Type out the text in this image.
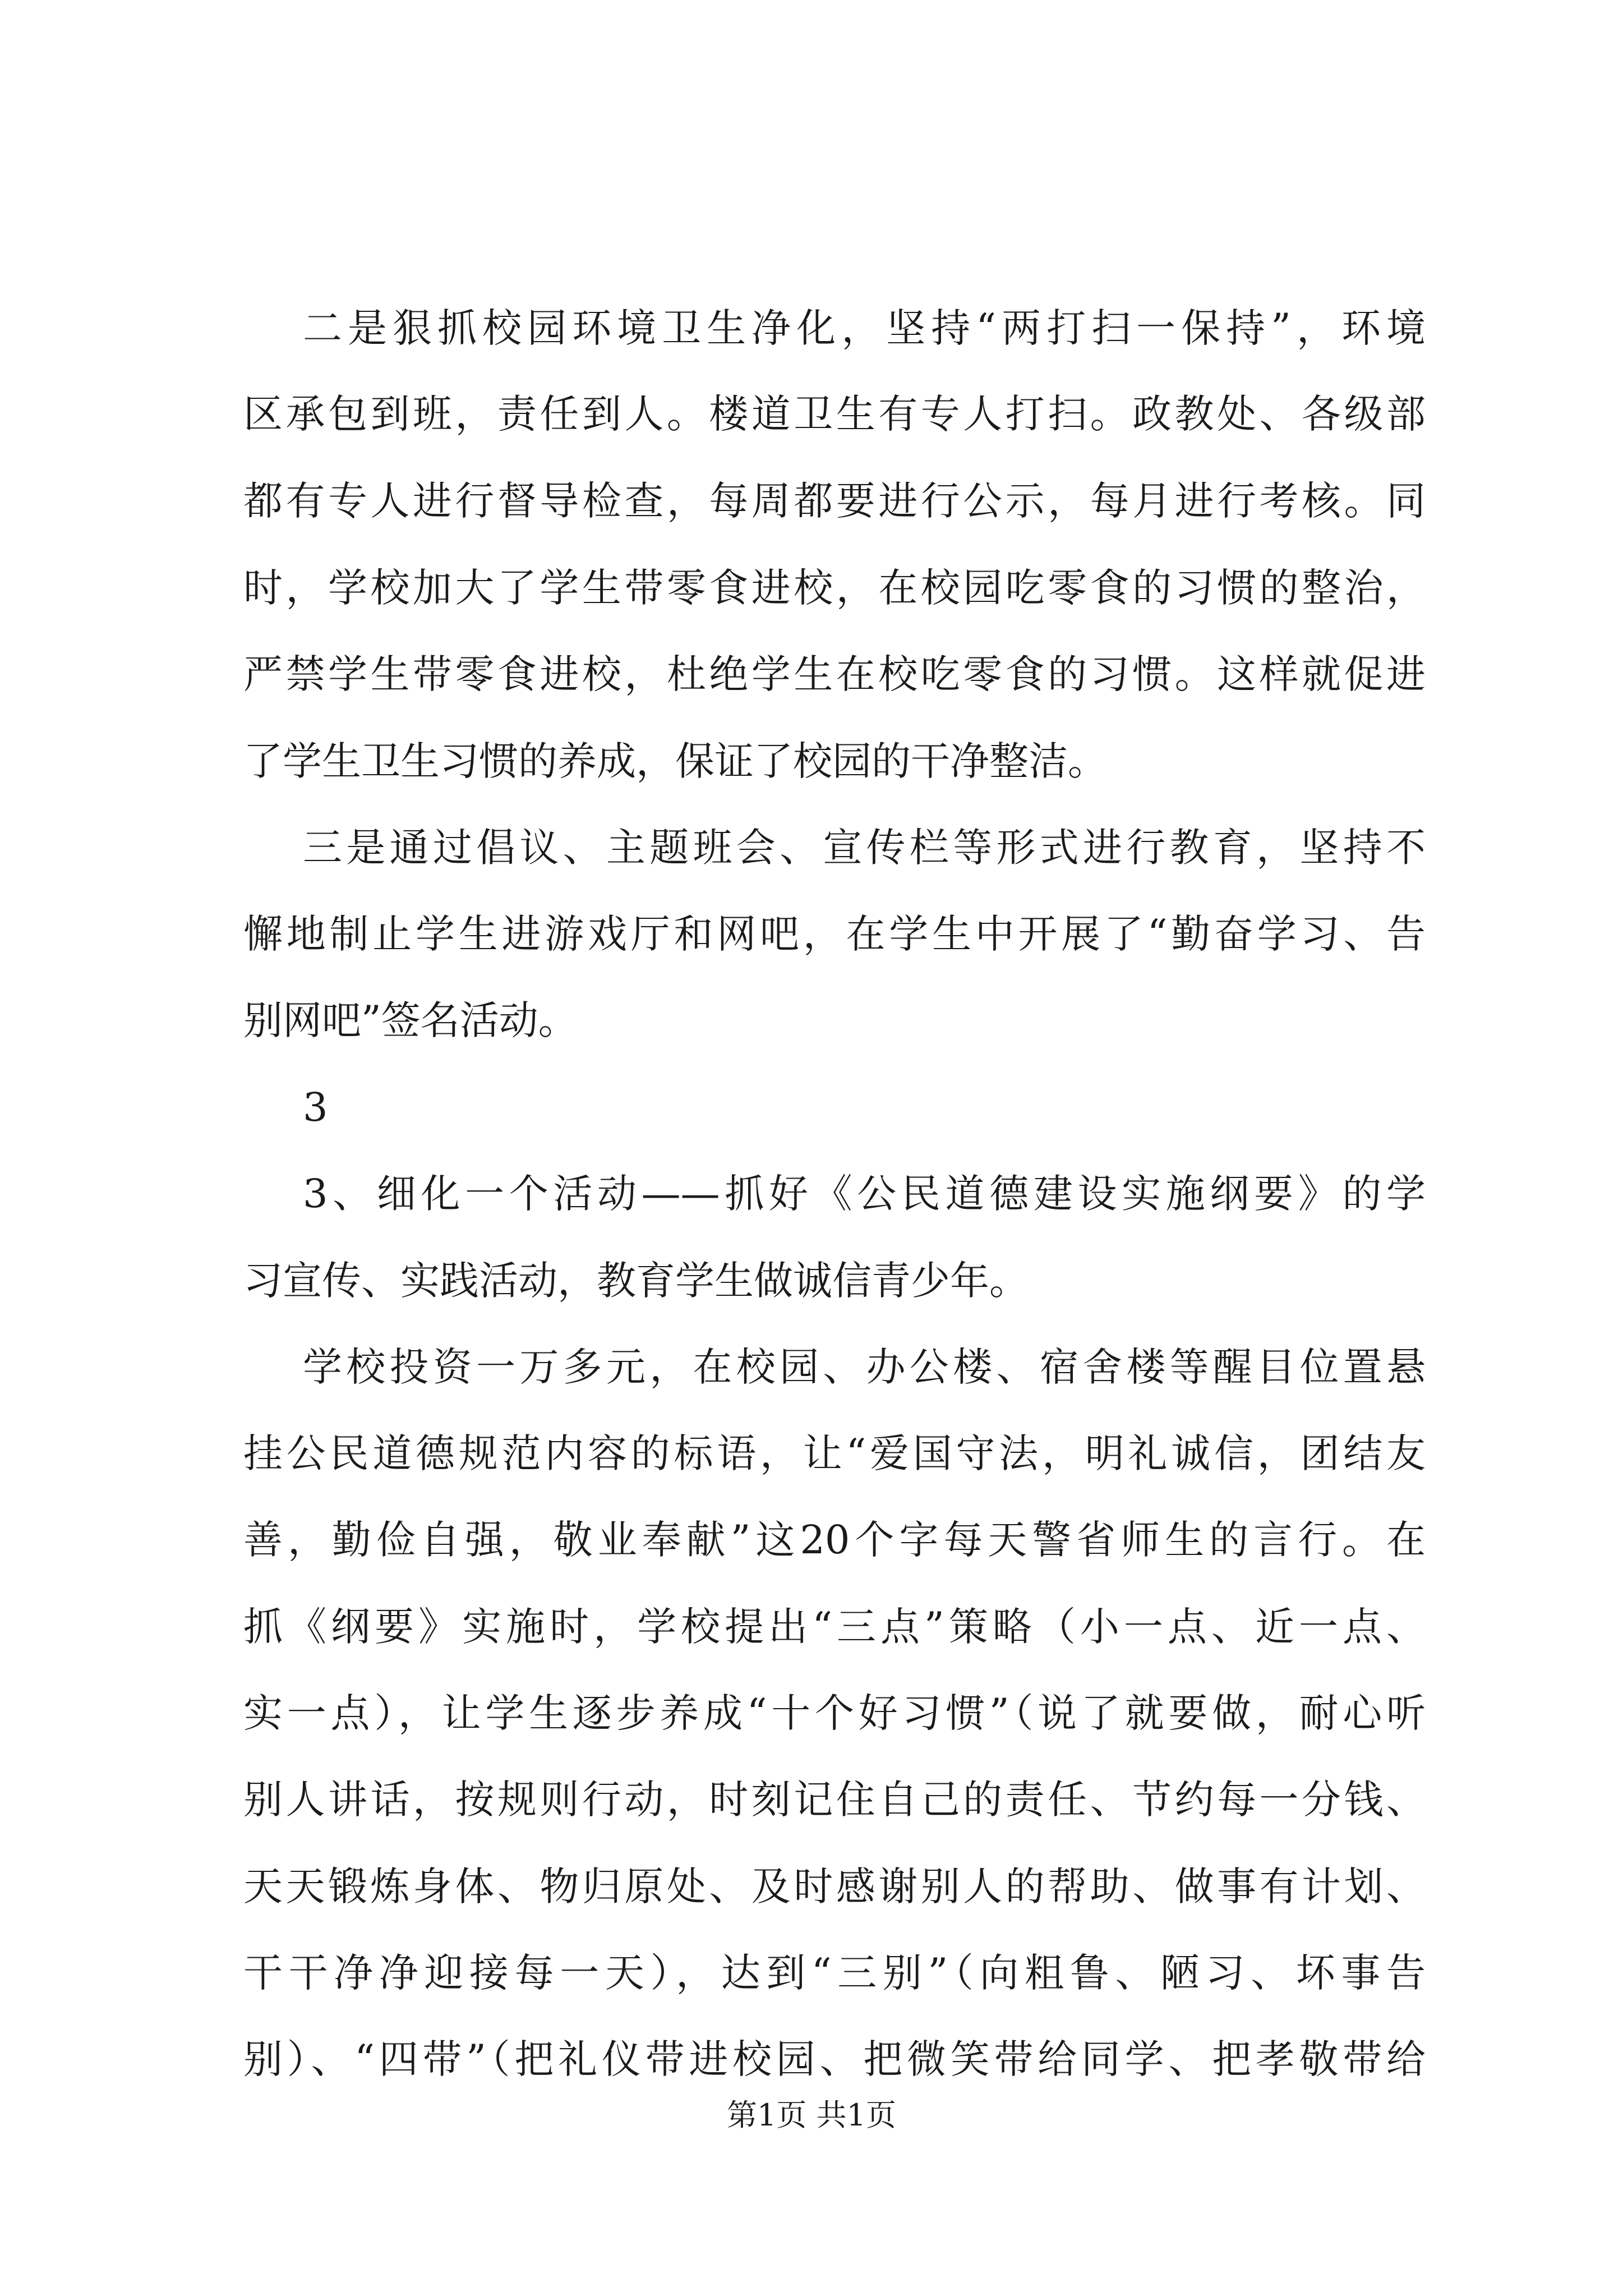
二是狠抓校园环境卫生净化，坚持“两打扫一保持”，环境
区承包到班，责任到人。楼道卫生有专人打扫。政教处、各级部
都有专人进行督导检查，每周都要进行公示，每月进行考核。同
时，学校加大了学生带零食进校，在校园吃零食的习惯的整治，
严禁学生带零食进校，杜绝学生在校吃零食的习惯。这样就促进
了学生卫生习惯的养成，保证了校园的干净整洁。
三是通过倡议、主题班会、宣传栏等形式进行教育，坚持不
懈地制止学生进游戏厅和网吧，在学生中开展了“勤奋学习、告
别网吧”签名活动。
3
3、细化一个活动——抓好《公民道德建设实施纲要》的学
习宣传、实践活动，教育学生做诚信青少年。
学校投资一万多元，在校园、办公楼、宿舍楼等醒目位置悬
挂公民道德规范内容的标语，让“爱国守法，明礼诚信，团结友
善，勤俭自强，敬业奉献”这20个字每天警省师生的言行。在
抓《纲要》实施时，学校提出“三点”策略（小一点、近一点、
实一点），让学生逐步养成“十个好习惯”（说了就要做，耐心听
别人讲话，按规则行动，时刻记住自己的责任、节约每一分钱、
天天锻炼身体、物归原处、及时感谢别人的帮助、做事有计划、
干干净净迎接每一天），达到“三别”（向粗鲁、陋习、坏事告
别）、“四带”（把礼仪带进校园、把微笑带给同学、把孝敬带给
第1页 共1页
